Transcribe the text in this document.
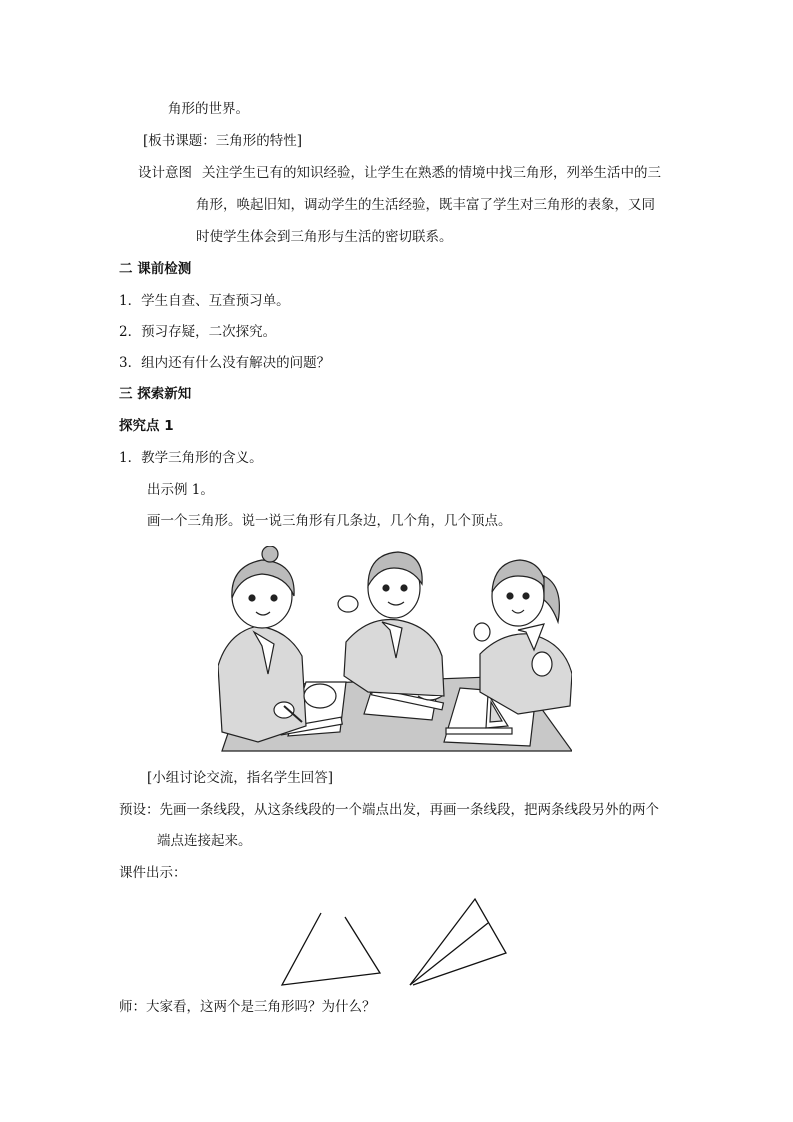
角形的世界。
[板书课题：三角形的特性]
设计意图 关注学生已有的知识经验，让学生在熟悉的情境中找三角形，列举生活中的三
角形，唤起旧知，调动学生的生活经验，既丰富了学生对三角形的表象，又同
时使学生体会到三角形与生活的密切联系。
二 课前检测
1．学生自查、互查预习单。
2．预习存疑，二次探究。
3．组内还有什么没有解决的问题？
三 探索新知
探究点 1
1．教学三角形的含义。
出示例 1。
画一个三角形。说一说三角形有几条边，几个角，几个顶点。
[小组讨论交流，指名学生回答]
预设：先画一条线段，从这条线段的一个端点出发，再画一条线段，把两条线段另外的两个
端点连接起来。
课件出示：
师：大家看，这两个是三角形吗？为什么？
